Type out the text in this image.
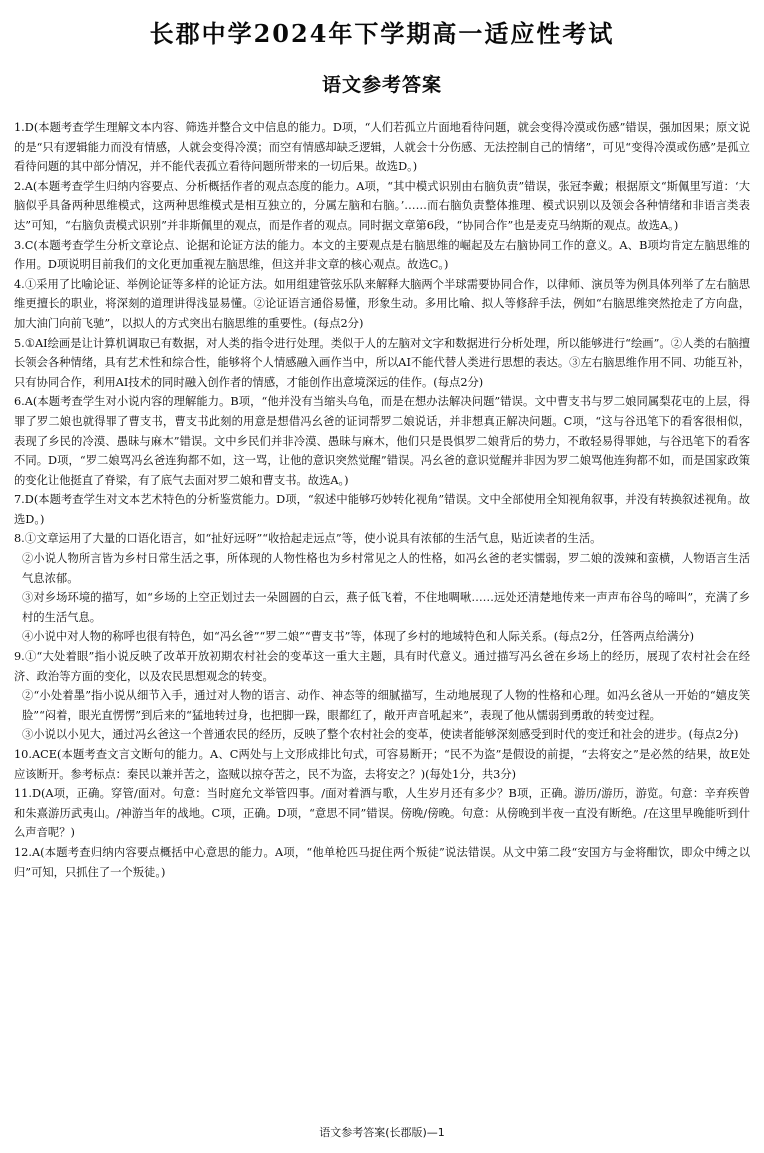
长郡中学2024年下学期高一适应性考试
语文参考答案

1.D(本题考查学生理解文本内容、筛选并整合文中信息的能力。D项，“人们若孤立片面地看待问题，就会变得冷漠或伤感”错误，强加因果；原文说的是“只有逻辑能力而没有情感，人就会变得冷漠；而空有情感却缺乏逻辑，人就会十分伤感、无法控制自己的情绪”，可见“变得冷漠或伤感”是孤立看待问题的其中部分情况，并不能代表孤立看待问题所带来的一切后果。故选D。)

2.A(本题考查学生归纳内容要点、分析概括作者的观点态度的能力。A项，“其中模式识别由右脑负责”错误，张冠李戴；根据原文“斯佩里写道：‘大脑似乎具备两种思维模式，这两种思维模式是相互独立的，分属左脑和右脑。’……而右脑负责整体推理、模式识别以及领会各种情绪和非语言类表达”可知，“右脑负责模式识别”并非斯佩里的观点，而是作者的观点。同时据文章第6段，“协同合作”也是麦克马纳斯的观点。故选A。)

3.C(本题考查学生分析文章论点、论据和论证方法的能力。本文的主要观点是右脑思维的崛起及左右脑协同工作的意义。A、B项均肯定左脑思维的作用。D项说明目前我们的文化更加重视左脑思维，但这并非文章的核心观点。故选C。)

4.①采用了比喻论证、举例论证等多样的论证方法。如用组建管弦乐队来解释大脑两个半球需要协同合作，以律师、演员等为例具体列举了左右脑思维更擅长的职业，将深刻的道理讲得浅显易懂。②论证语言通俗易懂，形象生动。多用比喻、拟人等修辞手法，例如“右脑思维突然抢走了方向盘，加大油门向前飞驰”，以拟人的方式突出右脑思维的重要性。(每点2分)

5.①AI绘画是让计算机调取已有数据，对人类的指令进行处理。类似于人的左脑对文字和数据进行分析处理，所以能够进行“绘画”。②人类的右脑擅长领会各种情绪，具有艺术性和综合性，能够将个人情感融入画作当中，所以AI不能代替人类进行思想的表达。③左右脑思维作用不同、功能互补，只有协同合作，利用AI技术的同时融入创作者的情感，才能创作出意境深远的佳作。(每点2分)

6.A(本题考查学生对小说内容的理解能力。B项，“他并没有当缩头乌龟，而是在想办法解决问题”错误。文中曹支书与罗二娘同属梨花屯的上层，得罪了罗二娘也就得罪了曹支书，曹支书此刻的用意是想借冯幺爸的证词帮罗二娘说话，并非想真正解决问题。C项，“这与谷迅笔下的看客很相似，表现了乡民的冷漠、愚昧与麻木”错误。文中乡民们并非冷漠、愚昧与麻木，他们只是畏惧罗二娘背后的势力，不敢轻易得罪她，与谷迅笔下的看客不同。D项，“罗二娘骂冯幺爸连狗都不如，这一骂，让他的意识突然觉醒”错误。冯幺爸的意识觉醒并非因为罗二娘骂他连狗都不如，而是国家政策的变化让他挺直了脊梁，有了底气去面对罗二娘和曹支书。故选A。)

7.D(本题考查学生对文本艺术特色的分析鉴赏能力。D项，“叙述中能够巧妙转化视角”错误。文中全部使用全知视角叙事，并没有转换叙述视角。故选D。)

8.①文章运用了大量的口语化语言，如“扯好远呀”“收拾起走远点”等，使小说具有浓郁的生活气息，贴近读者的生活。

②小说人物所言皆为乡村日常生活之事，所体现的人物性格也为乡村常见之人的性格，如冯幺爸的老实懦弱，罗二娘的泼辣和蛮横，人物语言生活气息浓郁。

③对乡场环境的描写，如“乡场的上空正划过去一朵圆圆的白云，燕子低飞着，不住地啁啾……远处还清楚地传来一声声布谷鸟的啼叫”，充满了乡村的生活气息。

④小说中对人物的称呼也很有特色，如“冯幺爸”“罗二娘”“曹支书”等，体现了乡村的地域特色和人际关系。(每点2分，任答两点给满分)

9.①“大处着眼”指小说反映了改革开放初期农村社会的变革这一重大主题，具有时代意义。通过描写冯幺爸在乡场上的经历，展现了农村社会在经济、政治等方面的变化，以及农民思想观念的转变。

②“小处着墨”指小说从细节入手，通过对人物的语言、动作、神态等的细腻描写，生动地展现了人物的性格和心理。如冯幺爸从一开始的“嬉皮笑脸”“闷着，眼光直愣愣”到后来的“猛地转过身，也把脚一跺，眼都红了，敞开声音吼起来”，表现了他从懦弱到勇敢的转变过程。

③小说以小见大，通过冯幺爸这一个普通农民的经历，反映了整个农村社会的变革，使读者能够深刻感受到时代的变迁和社会的进步。(每点2分)

10.ACE(本题考查文言文断句的能力。A、C两处与上文形成排比句式，可容易断开；“民不为盗”是假设的前提，“去将安之”是必然的结果，故E处应该断开。参考标点：秦民以兼并苦之，盗贼以掠夺苦之，民不为盗，去将安之？)(每处1分，共3分)

11.D(A项，正确。穿管/面对。句意：当时庭允文举管四事。/面对着酒与歌，人生岁月还有多少？B项，正确。游历/游历，游览。句意：辛弃疾曾和朱熹游历武夷山。/神游当年的战地。C项，正确。D项，“意思不同”错误。傍晚/傍晚。句意：从傍晚到半夜一直没有断绝。/在这里早晚能听到什么声音呢？)

12.A(本题考查归纳内容要点概括中心意思的能力。A项，“他单枪匹马捉住两个叛徒”说法错误。从文中第二段“安国方与金将酣饮，即众中缚之以归”可知，只抓住了一个叛徒。)

语文参考答案(长郡版)—1
